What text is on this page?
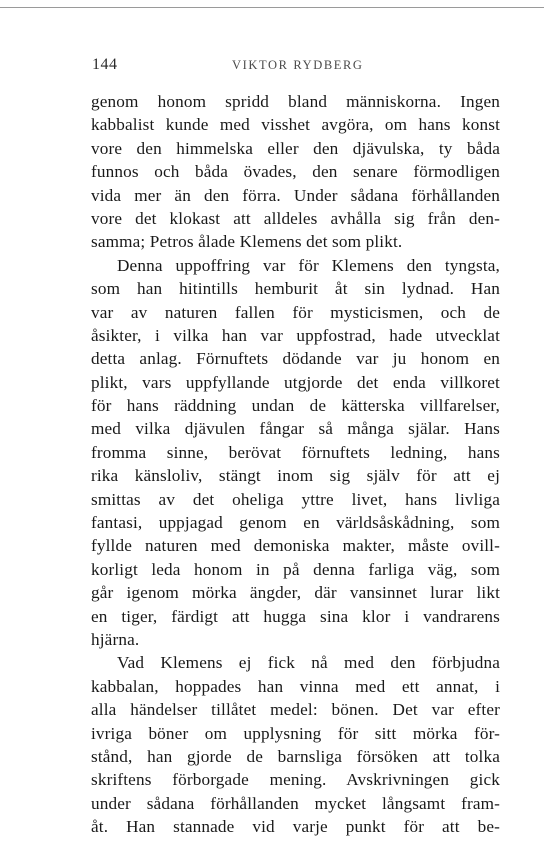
144	VIKTOR RYDBERG
genom honom spridd bland människorna. Ingen
kabbalist kunde med visshet avgöra, om hans konst
vore den himmelska eller den djävulska, ty båda
funnos och båda övades, den senare förmodligen
vida mer än den förra. Under sådana förhållanden
vore det klokast att alldeles avhålla sig från den-
samma; Petros ålade Klemens det som plikt.
Denna uppoffring var för Klemens den tyngsta,
som han hitintills hemburit åt sin lydnad. Han
var av naturen fallen för mysticismen, och de
åsikter, i vilka han var uppfostrad, hade utvecklat
detta anlag. Förnuftets dödande var ju honom en
plikt, vars uppfyllande utgjorde det enda villkoret
för hans räddning undan de kätterska villfarelser,
med vilka djävulen fångar så många själar. Hans
fromma sinne, berövat förnuftets ledning, hans
rika känsloliv, stängt inom sig själv för att ej
smittas av det oheliga yttre livet, hans livliga
fantasi, uppjagad genom en världsåskådning, som
fyllde naturen med demoniska makter, måste ovill-
korligt leda honom in på denna farliga väg, som
går igenom mörka ängder, där vansinnet lurar likt
en tiger, färdigt att hugga sina klor i vandrarens
hjärna.
Vad Klemens ej fick nå med den förbjudna
kabbalan, hoppades han vinna med ett annat, i
alla händelser tillåtet medel: bönen. Det var efter
ivriga böner om upplysning för sitt mörka för-
stånd, han gjorde de barnsliga försöken att tolka
skriftens förborgade mening. Avskrivningen gick
under sådana förhållanden mycket långsamt fram-
åt. Han stannade vid varje punkt för att be-
